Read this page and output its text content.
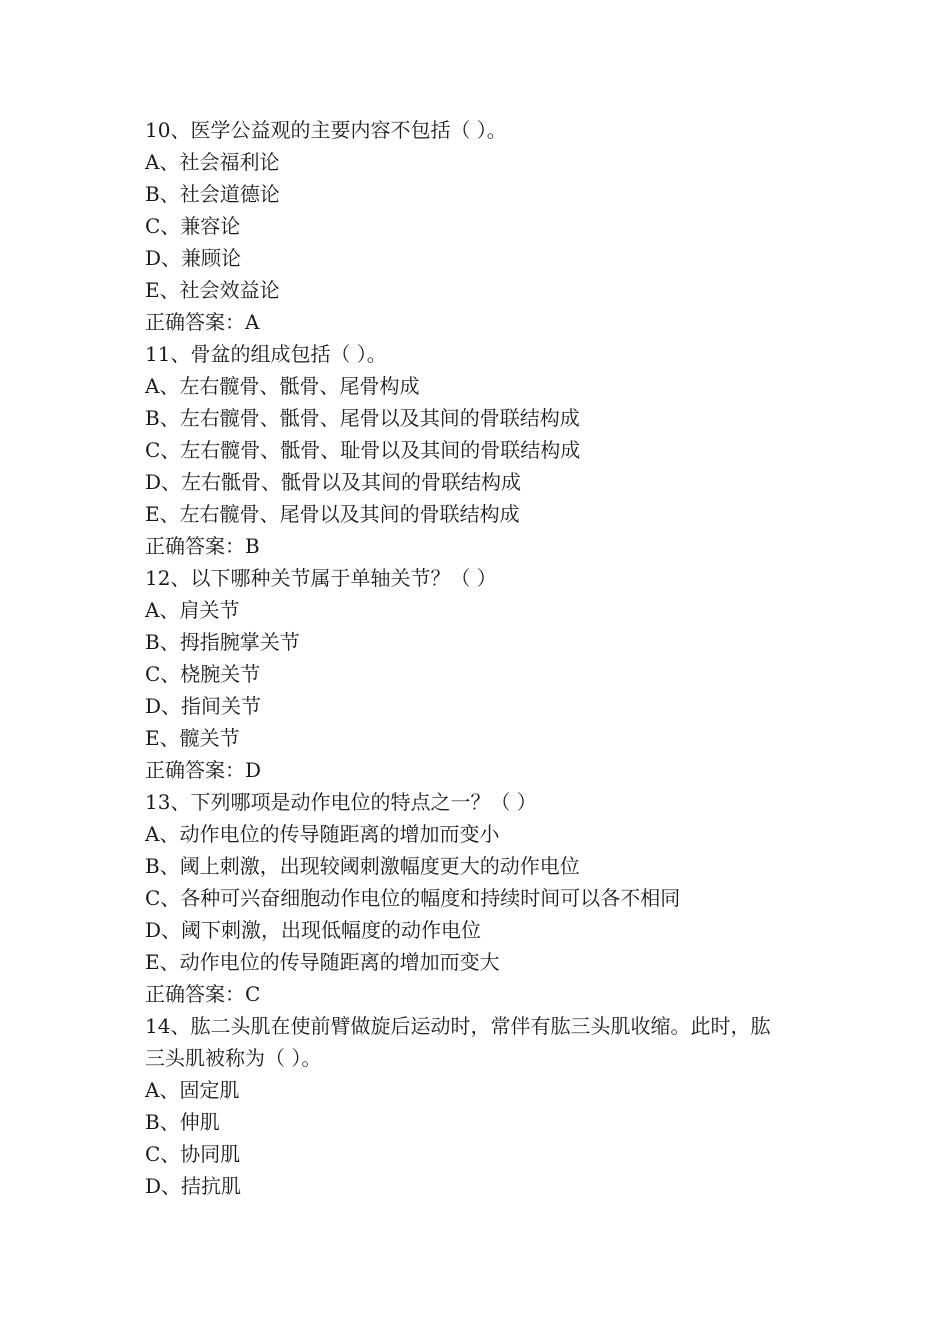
10、医学公益观的主要内容不包括（ ）。
A、社会福利论
B、社会道德论
C、兼容论
D、兼顾论
E、社会效益论
正确答案：A
11、骨盆的组成包括（ ）。
A、左右髋骨、骶骨、尾骨构成
B、左右髋骨、骶骨、尾骨以及其间的骨联结构成
C、左右髋骨、骶骨、耻骨以及其间的骨联结构成
D、左右骶骨、骶骨以及其间的骨联结构成
E、左右髋骨、尾骨以及其间的骨联结构成
正确答案：B
12、以下哪种关节属于单轴关节？（ ）
A、肩关节
B、拇指腕掌关节
C、桡腕关节
D、指间关节
E、髋关节
正确答案：D
13、下列哪项是动作电位的特点之一？（ ）
A、动作电位的传导随距离的增加而变小
B、阈上刺激，出现较阈刺激幅度更大的动作电位
C、各种可兴奋细胞动作电位的幅度和持续时间可以各不相同
D、阈下刺激，出现低幅度的动作电位
E、动作电位的传导随距离的增加而变大
正确答案：C
14、肱二头肌在使前臂做旋后运动时，常伴有肱三头肌收缩。此时，肱
三头肌被称为（ ）。
A、固定肌
B、伸肌
C、协同肌
D、拮抗肌
